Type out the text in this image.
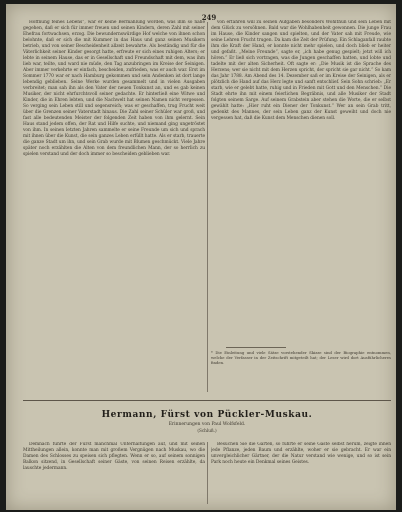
249

Hoffnung feines Lebens“, war er keine Bermählung worden, was ihm so nahe gegehen, daß er sich für immer freuen und seinen Kindern, deren Zahl mit seiner Ehefrau fortwachsen, erzog. Die bewundernswürdige Hof welche von ihnen schon belohnte, daß er sich die mit Kummer in das Haus und ganz seinen Musikern betrieb, und von seiner Bescheidenheit allzeit bewahrte. Als beständig und für die Väterlichkeit seiner Kinder gesorgt hatte, erfreute er sich eines ruhigen Alters; er lebte in seinem Hause, das er in Gesellschaft und Freundschaft mit dem, was ihm lieb war, teilte, und ward nie müde, den Tag anzubringen im Kreise der Seinigen. Aber immer verkehrte er einfach, bescheiden, zufrieden, was er auch war. Erst im Sommer 1770 war er nach Hamburg gekommen und sein Andenken ist dort lange lebendig geblieben. Seine Werke wurden gesammelt und in vielen Ausgaben verbreitet; man sah ihn als den Vater der neuen Tonkunst an, und es gab keinen Musiker, der nicht ehrfurchtsvoll seiner gedachte. Er hinterließ eine Witwe und Kinder, die in Ehren lebten, und die Nachwelt hat seinen Namen nicht vergessen. So verging sein Leben still und segensreich; was er geschaffen, trug Frucht weit über die Grenzen seiner Vaterstadt hinaus. Die Zahl seiner Schüler war groß, und fast alle bedeutenden Meister der folgenden Zeit haben von ihm gelernt. Sein Haus stand jedem offen, der Rat und Hilfe suchte, und niemand ging ungetröstet von ihm. In seinen letzten Jahren sammelte er seine Freunde um sich und sprach mit ihnen über die Kunst, die sein ganzes Leben erfüllt hatte. Als er starb, trauerte die ganze Stadt um ihn, und sein Grab wurde mit Blumen geschmückt. Viele Jahre später noch erzählten die Alten von dem freundlichen Mann, der so herrlich zu spielen verstand und der doch immer so bescheiden geblieben war.

von erfahren will zu seinen Aufgaben besonders Wohlthun und sein Leben mit dem Glück zu versöhnen. Bald war die Wohlhabenheit gewonnen. Die junge Frau im Hause, die Kinder sangen und spielten, und der Vater sah mit Freude, wie seine Lehren Frucht trugen. Da kam die Zeit der Prüfung. Ein Schlaganfall raubte ihm die Kraft der Hand, er konnte nicht mehr spielen, und doch blieb er heiter und gefaßt. „Meine Freunde“, sagte er, „ich habe genug gespielt; jetzt will ich hören.“ Er ließ sich vortragen, was die Jungen geschaffen hatten, und lobte und tadelte mit der alten Sicherheit. Oft sagte er: „Die Musik ist die Sprache des Herzens; wer sie nicht mit dem Herzen spricht, der spricht sie gar nicht.“ So kam das Jahr 1788. Am Abend des 14. Dezember saß er im Kreise der Seinigen, als er plötzlich die Hand auf das Herz legte und sanft entschlief. Sein Sohn schrieb: „Er starb, wie er gelebt hatte, ruhig und in Frieden mit Gott und den Menschen.“ Die Stadt ehrte ihn mit einem feierlichen Begräbnis, und alle Musiker der Stadt folgten seinem Sarge. Auf seinem Grabstein aber stehen die Worte, die er selbst gewählt hatte: „Hier ruht ein Diener der Tonkunst.“ Wer an sein Grab tritt, gedenkt des Mannes, der sein Leben ganz der Kunst geweiht und doch nie vergessen hat, daß die Kunst dem Menschen dienen soll.

* Die Einleitung und viele Sätze vorstehender Skizze sind der Biographie entnommen, welche der Verfasser in der Zeitschrift mitgeteilt hat; der Leser wird dort Ausführlicheres finden.
Hermann, Fürst von Pückler-Muskau.
Erinnerungen von Paul Wolfsfeld.
(Schluß.)

Demnach führte der Fürst manchmal Unterhaltungen auf, und mit seinen Mittheilungen allein, konnte man mit großem Vergnügen nach Muskau, wo die Damen des Schlosses zu speisen sich pflegten. Wenn er so, auf seinem sonnigen Balkon sitzend, in Gesellschaft seiner Gäste, von seinen Reisen erzählte, da lauschte jedermann.

Besuchen Sie die Gärten, so führte er seine Gäste selbst herum, zeigte ihnen jede Pflanze, jeden Baum und erzählte, woher er sie gebracht. Er war ein unvergleichlicher Gärtner, der die Natur verstand wie wenige, und so ist sein Park noch heute ein Denkmal seines Geistes.
